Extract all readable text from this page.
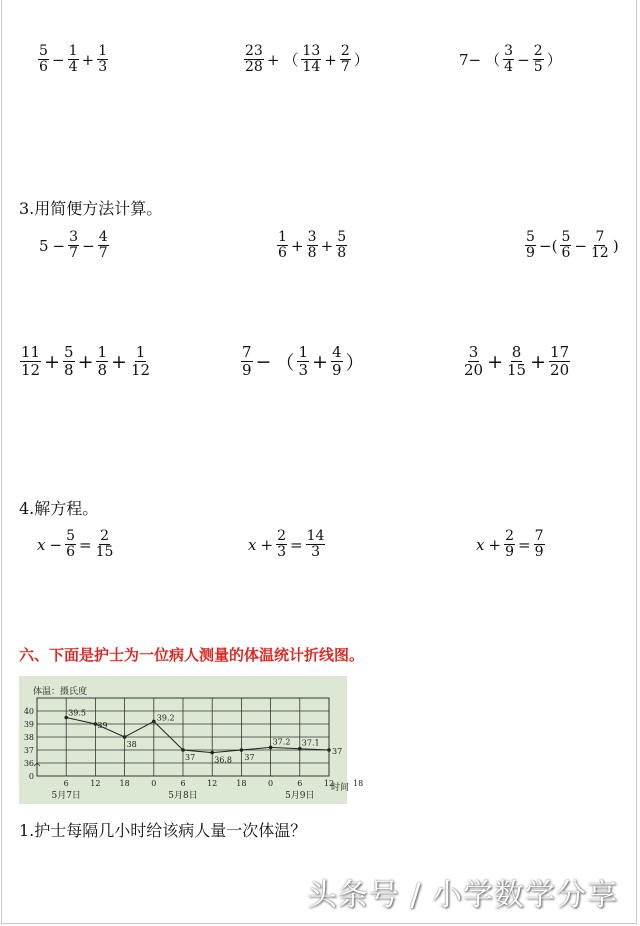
$\frac{5}{6} - \frac{1}{4} + \frac{1}{3}$	$\frac{23}{28}$ + （ $\frac{13}{14} + \frac{2}{7}$ ）	7− （ $\frac{3}{4} - \frac{2}{5}$ ）
3.用简便方法计算。
$5 - \frac{3}{7} - \frac{4}{7}$	$\frac{1}{6} + \frac{3}{8} + \frac{5}{8}$	$\frac{5}{9}$ −( $\frac{5}{6} - \frac{7}{12}$ )
$\frac{11}{12} + \frac{5}{8} + \frac{1}{8} + \frac{1}{12}$	$\frac{7}{9}$ − （ $\frac{1}{3} + \frac{4}{9}$ ）	$\frac{3}{20} + \frac{8}{15} + \frac{17}{20}$
4.解方程。
$x - \frac{5}{6} = \frac{2}{15}$	$x + \frac{2}{3} = \frac{14}{3}$	$x + \frac{2}{9} = \frac{7}{9}$
六、下面是护士为一位病人测量的体温统计折线图。
0
36
37
38
39
40
体温：摄氏度
6	12 18	0	6	12 18	0	6	12 18
时间
5月7日	5月8日	5月9日
39.5
39
38
39.2
37 36.8 37
37.2 37.1
37
1.护士每隔几小时给该病人量一次体温？
头条号 / 小学数学分享
